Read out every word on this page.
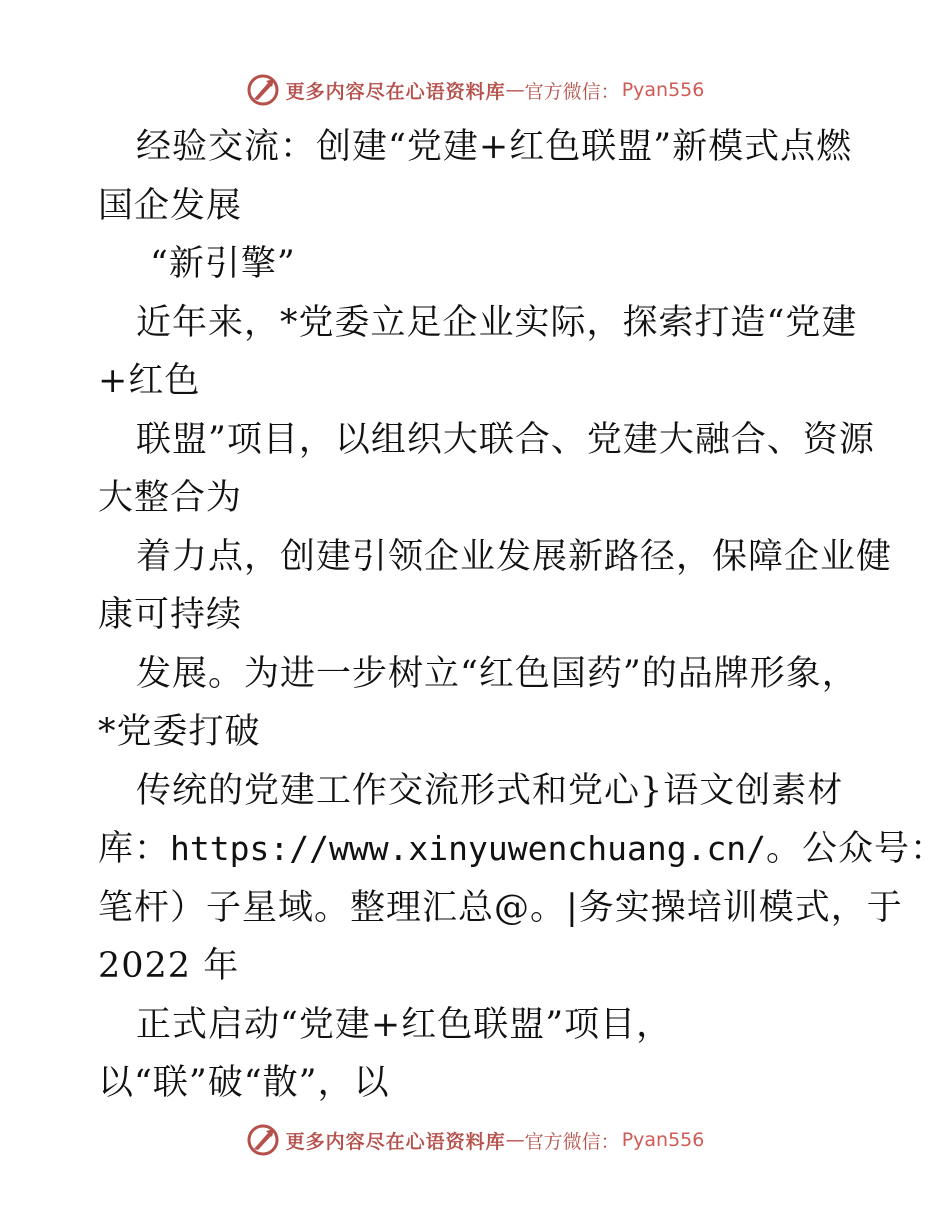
更多内容尽在心语资料库 — 官方微信： Pyan556
经验交流：创建“党建+红色联盟”新模式点燃
国企发展
“新引擎”
近年来，*党委立足企业实际，探索打造“党建
+红色
联盟”项目，以组织大联合、党建大融合、资源
大整合为
着力点，创建引领企业发展新路径，保障企业健
康可持续
发展。为进一步树立“红色国药”的品牌形象，
*党委打破
传统的党建工作交流形式和党心}语文创素材
库：https://www.xinyuwenchuang.cn/。公众号：
笔杆）子星域。整理汇总@。|务实操培训模式，于
2022 年
正式启动“党建+红色联盟”项目，
以“联”破“散”，以
更多内容尽在心语资料库 — 官方微信： Pyan556
